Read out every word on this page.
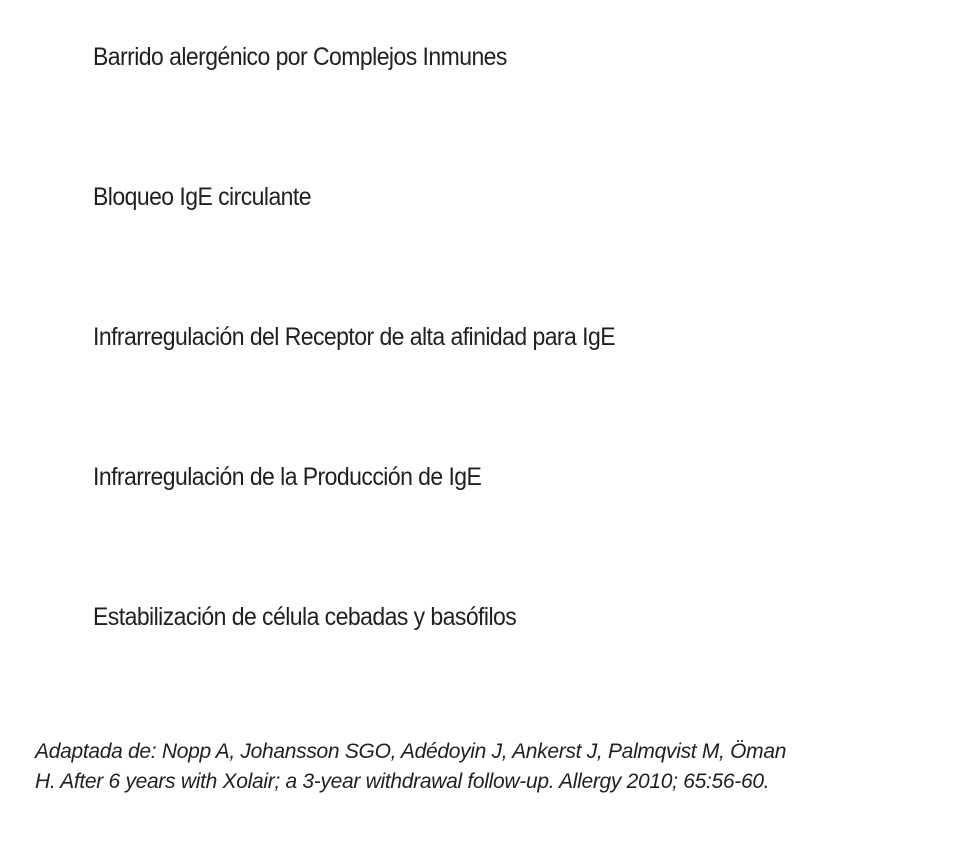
Barrido alergénico por Complejos Inmunes
Bloqueo IgE circulante
Infrarregulación del Receptor de alta afinidad para IgE
Infrarregulación de la Producción de IgE
Estabilización de célula cebadas y basófilos

Adaptada de: Nopp A, Johansson SGO, Adédoyin J, Ankerst J, Palmqvist M, Öman
H. After 6 years with Xolair; a 3-year withdrawal follow-up. Allergy 2010; 65:56-60.
